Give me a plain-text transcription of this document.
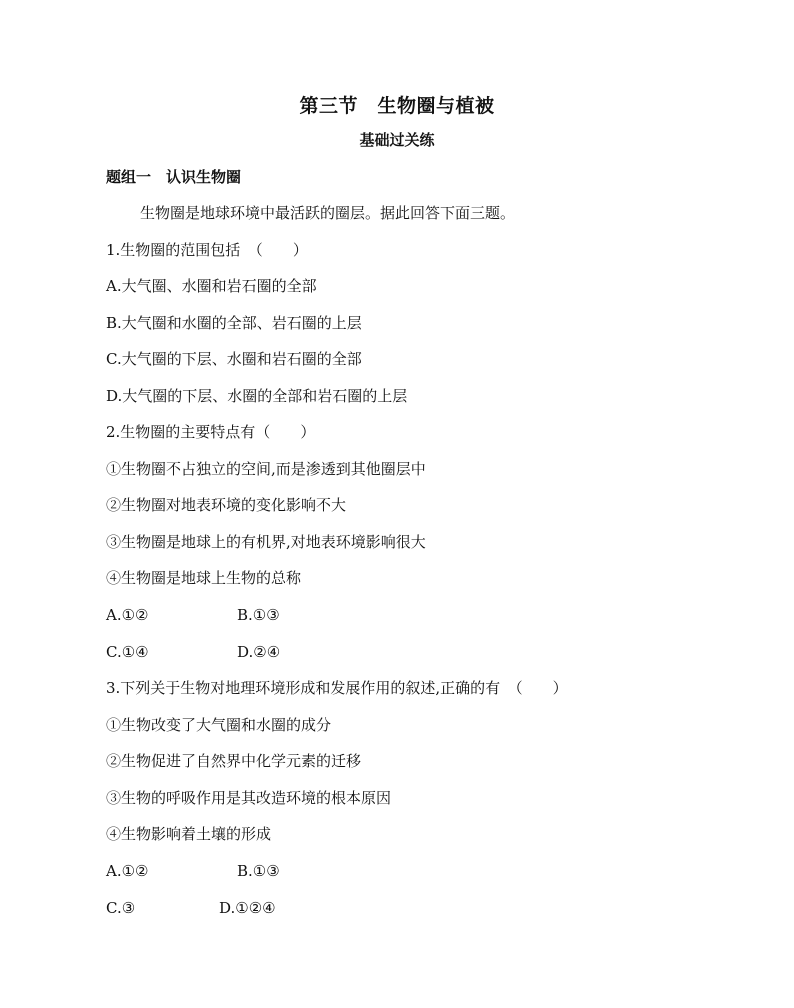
第三节　生物圈与植被
基础过关练
题组一　认识生物圈
生物圈是地球环境中最活跃的圈层。据此回答下面三题。
1.生物圈的范围包括　（　　）
A.大气圈、水圈和岩石圈的全部
B.大气圈和水圈的全部、岩石圈的上层
C.大气圈的下层、水圈和岩石圈的全部
D.大气圈的下层、水圈的全部和岩石圈的上层
2.生物圈的主要特点有（　　）
①生物圈不占独立的空间,而是渗透到其他圈层中
②生物圈对地表环境的变化影响不大
③生物圈是地球上的有机界,对地表环境影响很大
④生物圈是地球上生物的总称
A.①②	B.①③
C.①④	D.②④
3.下列关于生物对地理环境形成和发展作用的叙述,正确的有　（　　）
①生物改变了大气圈和水圈的成分
②生物促进了自然界中化学元素的迁移
③生物的呼吸作用是其改造环境的根本原因
④生物影响着土壤的形成
A.①②	B.①③
C.③	D.①②④
